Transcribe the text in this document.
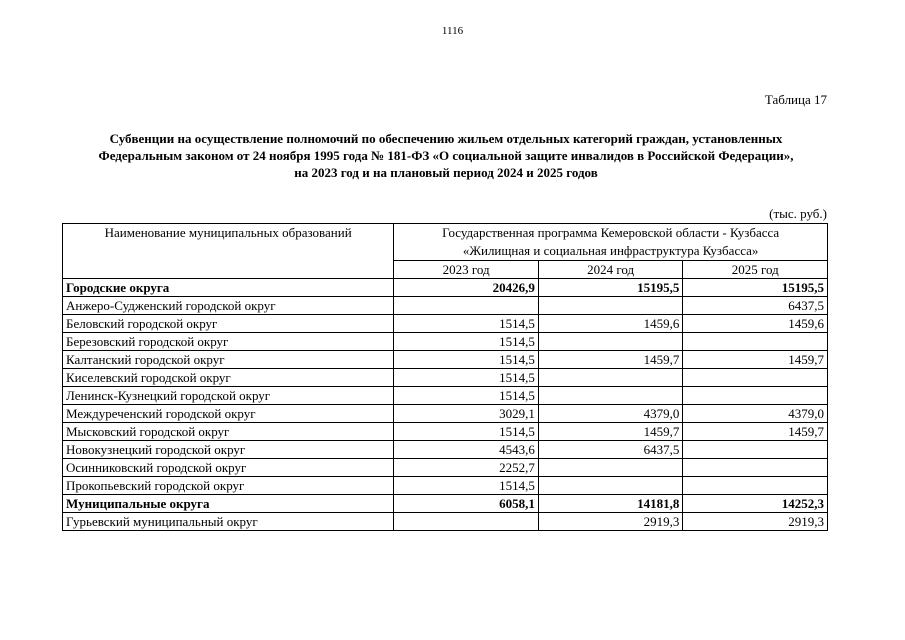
1116
Таблица 17
Субвенции на осуществление полномочий по обеспечению жильем отдельных категорий граждан, установленных
Федеральным законом от 24 ноября 1995 года № 181-ФЗ «О социальной защите инвалидов в Российской Федерации»,
на 2023 год и на плановый период 2024 и 2025 годов
(тыс. руб.)
Наименование муниципальных образований	Государственная программа Кемеровской области - Кузбасса
«Жилищная и социальная инфраструктура Кузбасса»		

	2023 год	2024 год	2025 год
Городские округа	20426,9	15195,5	15195,5
Анжеро-Судженский городской округ			6437,5
Беловский городской округ	1514,5	1459,6	1459,6
Березовский городской округ	1514,5		
Калтанский городской округ	1514,5	1459,7	1459,7
Киселевский городской округ	1514,5		
Ленинск-Кузнецкий городской округ	1514,5		
Междуреченский городской округ	3029,1	4379,0	4379,0
Мысковский городской округ	1514,5	1459,7	1459,7
Новокузнецкий городской округ	4543,6	6437,5	
Осинниковский городской округ	2252,7		
Прокопьевский городской округ	1514,5		
Муниципальные округа	6058,1	14181,8	14252,3
Гурьевский муниципальный округ		2919,3	2919,3
